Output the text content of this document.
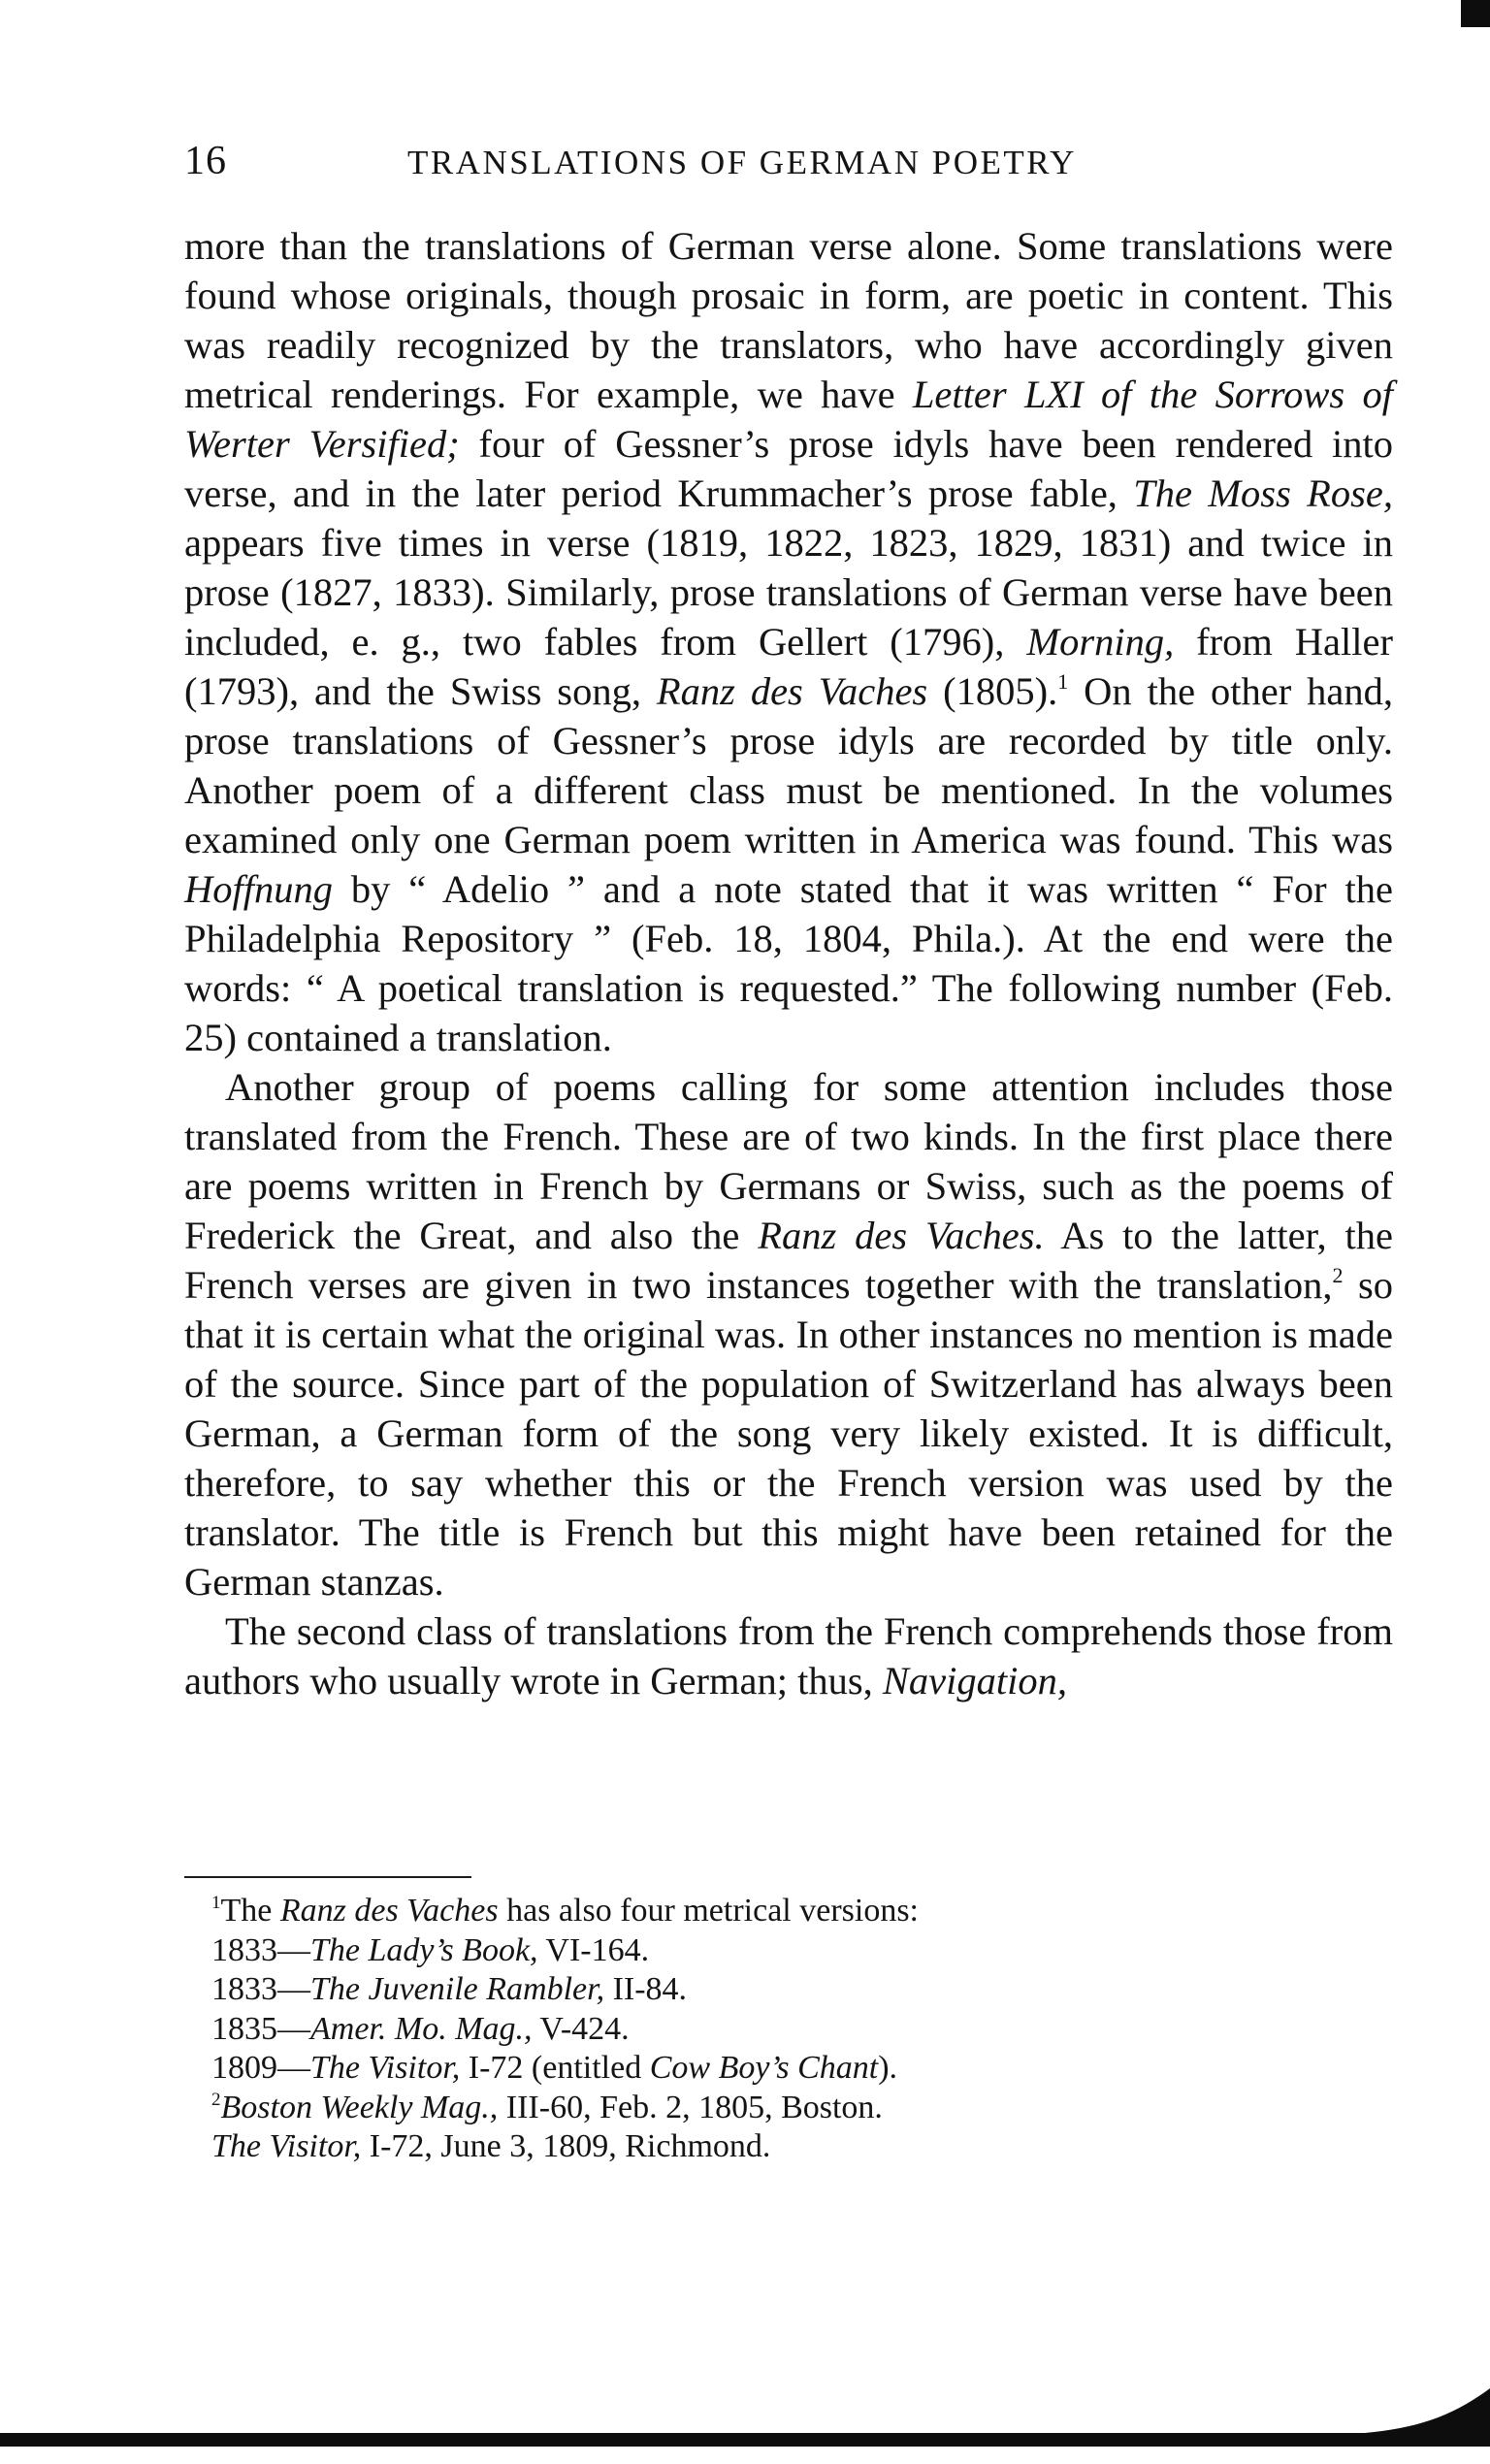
16	TRANSLATIONS OF GERMAN POETRY

more than the translations of German verse alone. Some translations were found whose originals, though prosaic in form, are poetic in content. This was readily recognized by the translators, who have accordingly given metrical renderings. For example, we have Letter LXI of the Sorrows of Werter Versified; four of Gessner’s prose idyls have been rendered into verse, and in the later period Krummacher’s prose fable, The Moss Rose, appears five times in verse (1819, 1822, 1823, 1829, 1831) and twice in prose (1827, 1833). Similarly, prose translations of German verse have been included, e. g., two fables from Gellert (1796), Morning, from Haller (1793), and the Swiss song, Ranz des Vaches (1805).$^1$ On the other hand, prose translations of Gessner’s prose idyls are recorded by title only. Another poem of a different class must be mentioned. In the volumes examined only one German poem written in America was found. This was Hoffnung by “ Adelio ” and a note stated that it was written “ For the Philadelphia Repository ” (Feb. 18, 1804, Phila.). At the end were the words: “ A poetical translation is requested.” The following number (Feb. 25) contained a translation.

Another group of poems calling for some attention includes those translated from the French. These are of two kinds. In the first place there are poems written in French by Germans or Swiss, such as the poems of Frederick the Great, and also the Ranz des Vaches. As to the latter, the French verses are given in two instances together with the translation,$^2$ so that it is certain what the original was. In other instances no mention is made of the source. Since part of the population of Switzerland has always been German, a German form of the song very likely existed. It is difficult, therefore, to say whether this or the French version was used by the translator. The title is French but this might have been retained for the German stanzas.

The second class of translations from the French comprehends those from authors who usually wrote in German; thus, Navigation,

$^1$The Ranz des Vaches has also four metrical versions:
1833—The Lady’s Book, VI-164.
1833—The Juvenile Rambler, II-84.
1835—Amer. Mo. Mag., V-424.
1809—The Visitor, I-72 (entitled Cow Boy’s Chant).
$^2$Boston Weekly Mag., III-60, Feb. 2, 1805, Boston.
The Visitor, I-72, June 3, 1809, Richmond.
